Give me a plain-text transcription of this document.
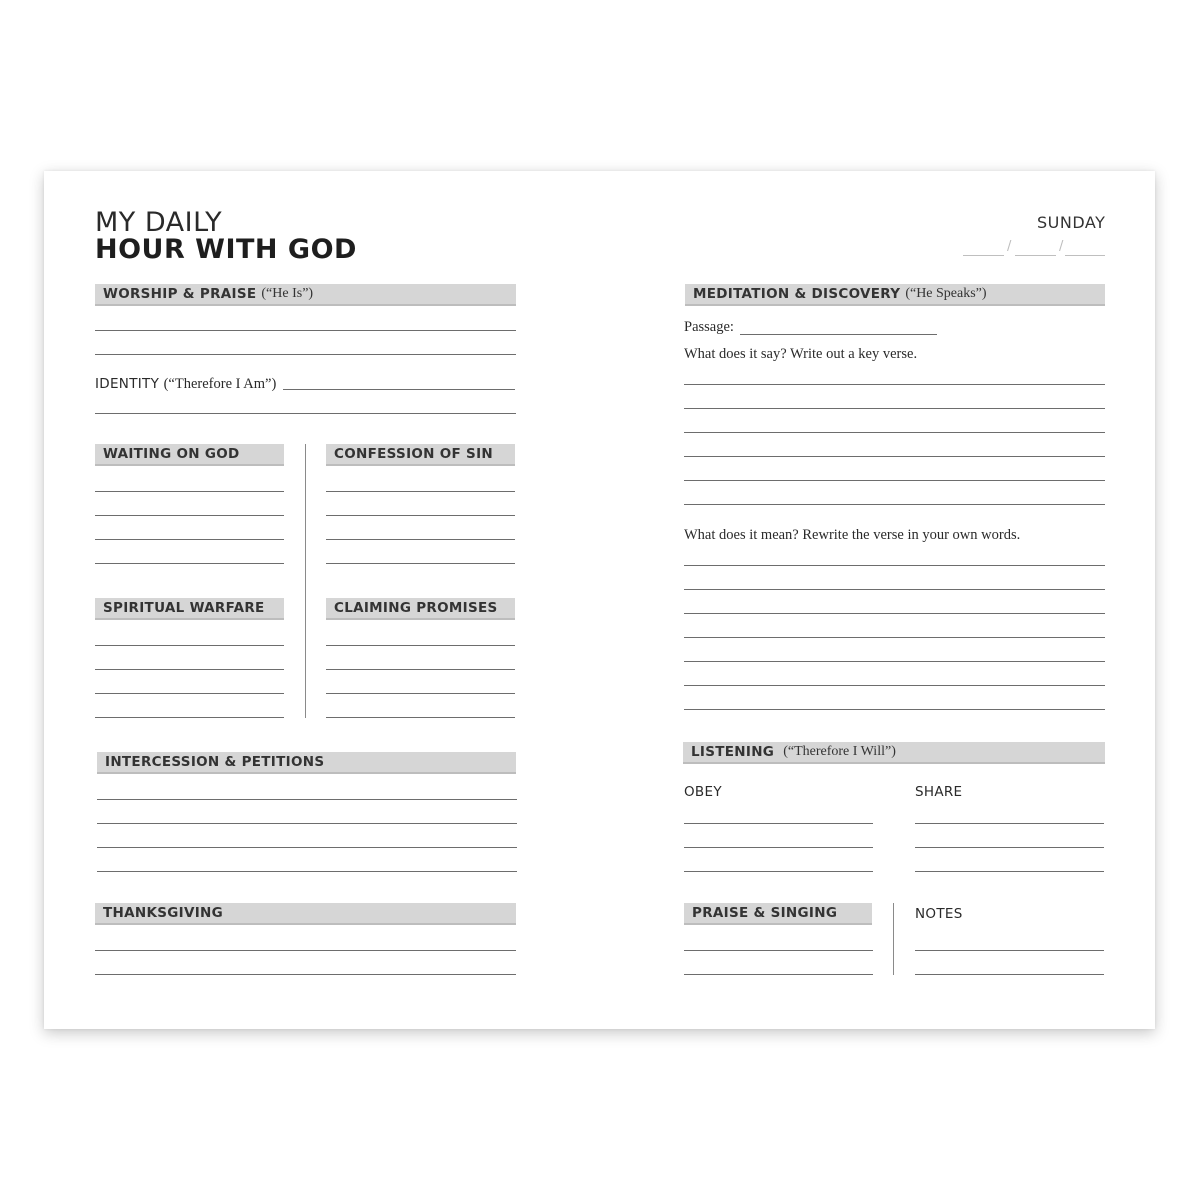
MY DAILY
HOUR WITH GOD
SUNDAY
/	/
WORSHIP & PRAISE (“He Is”)
IDENTITY (“Therefore I Am”)
WAITING ON GOD	CONFESSION OF SIN
SPIRITUAL WARFARE	CLAIMING PROMISES
INTERCESSION & PETITIONS
THANKSGIVING
MEDITATION & DISCOVERY (“He Speaks”)
Passage:
What does it say? Write out a key verse.
What does it mean? Rewrite the verse in your own words.
LISTENING (“Therefore I Will”)
OBEY	SHARE
PRAISE & SINGING	NOTES
